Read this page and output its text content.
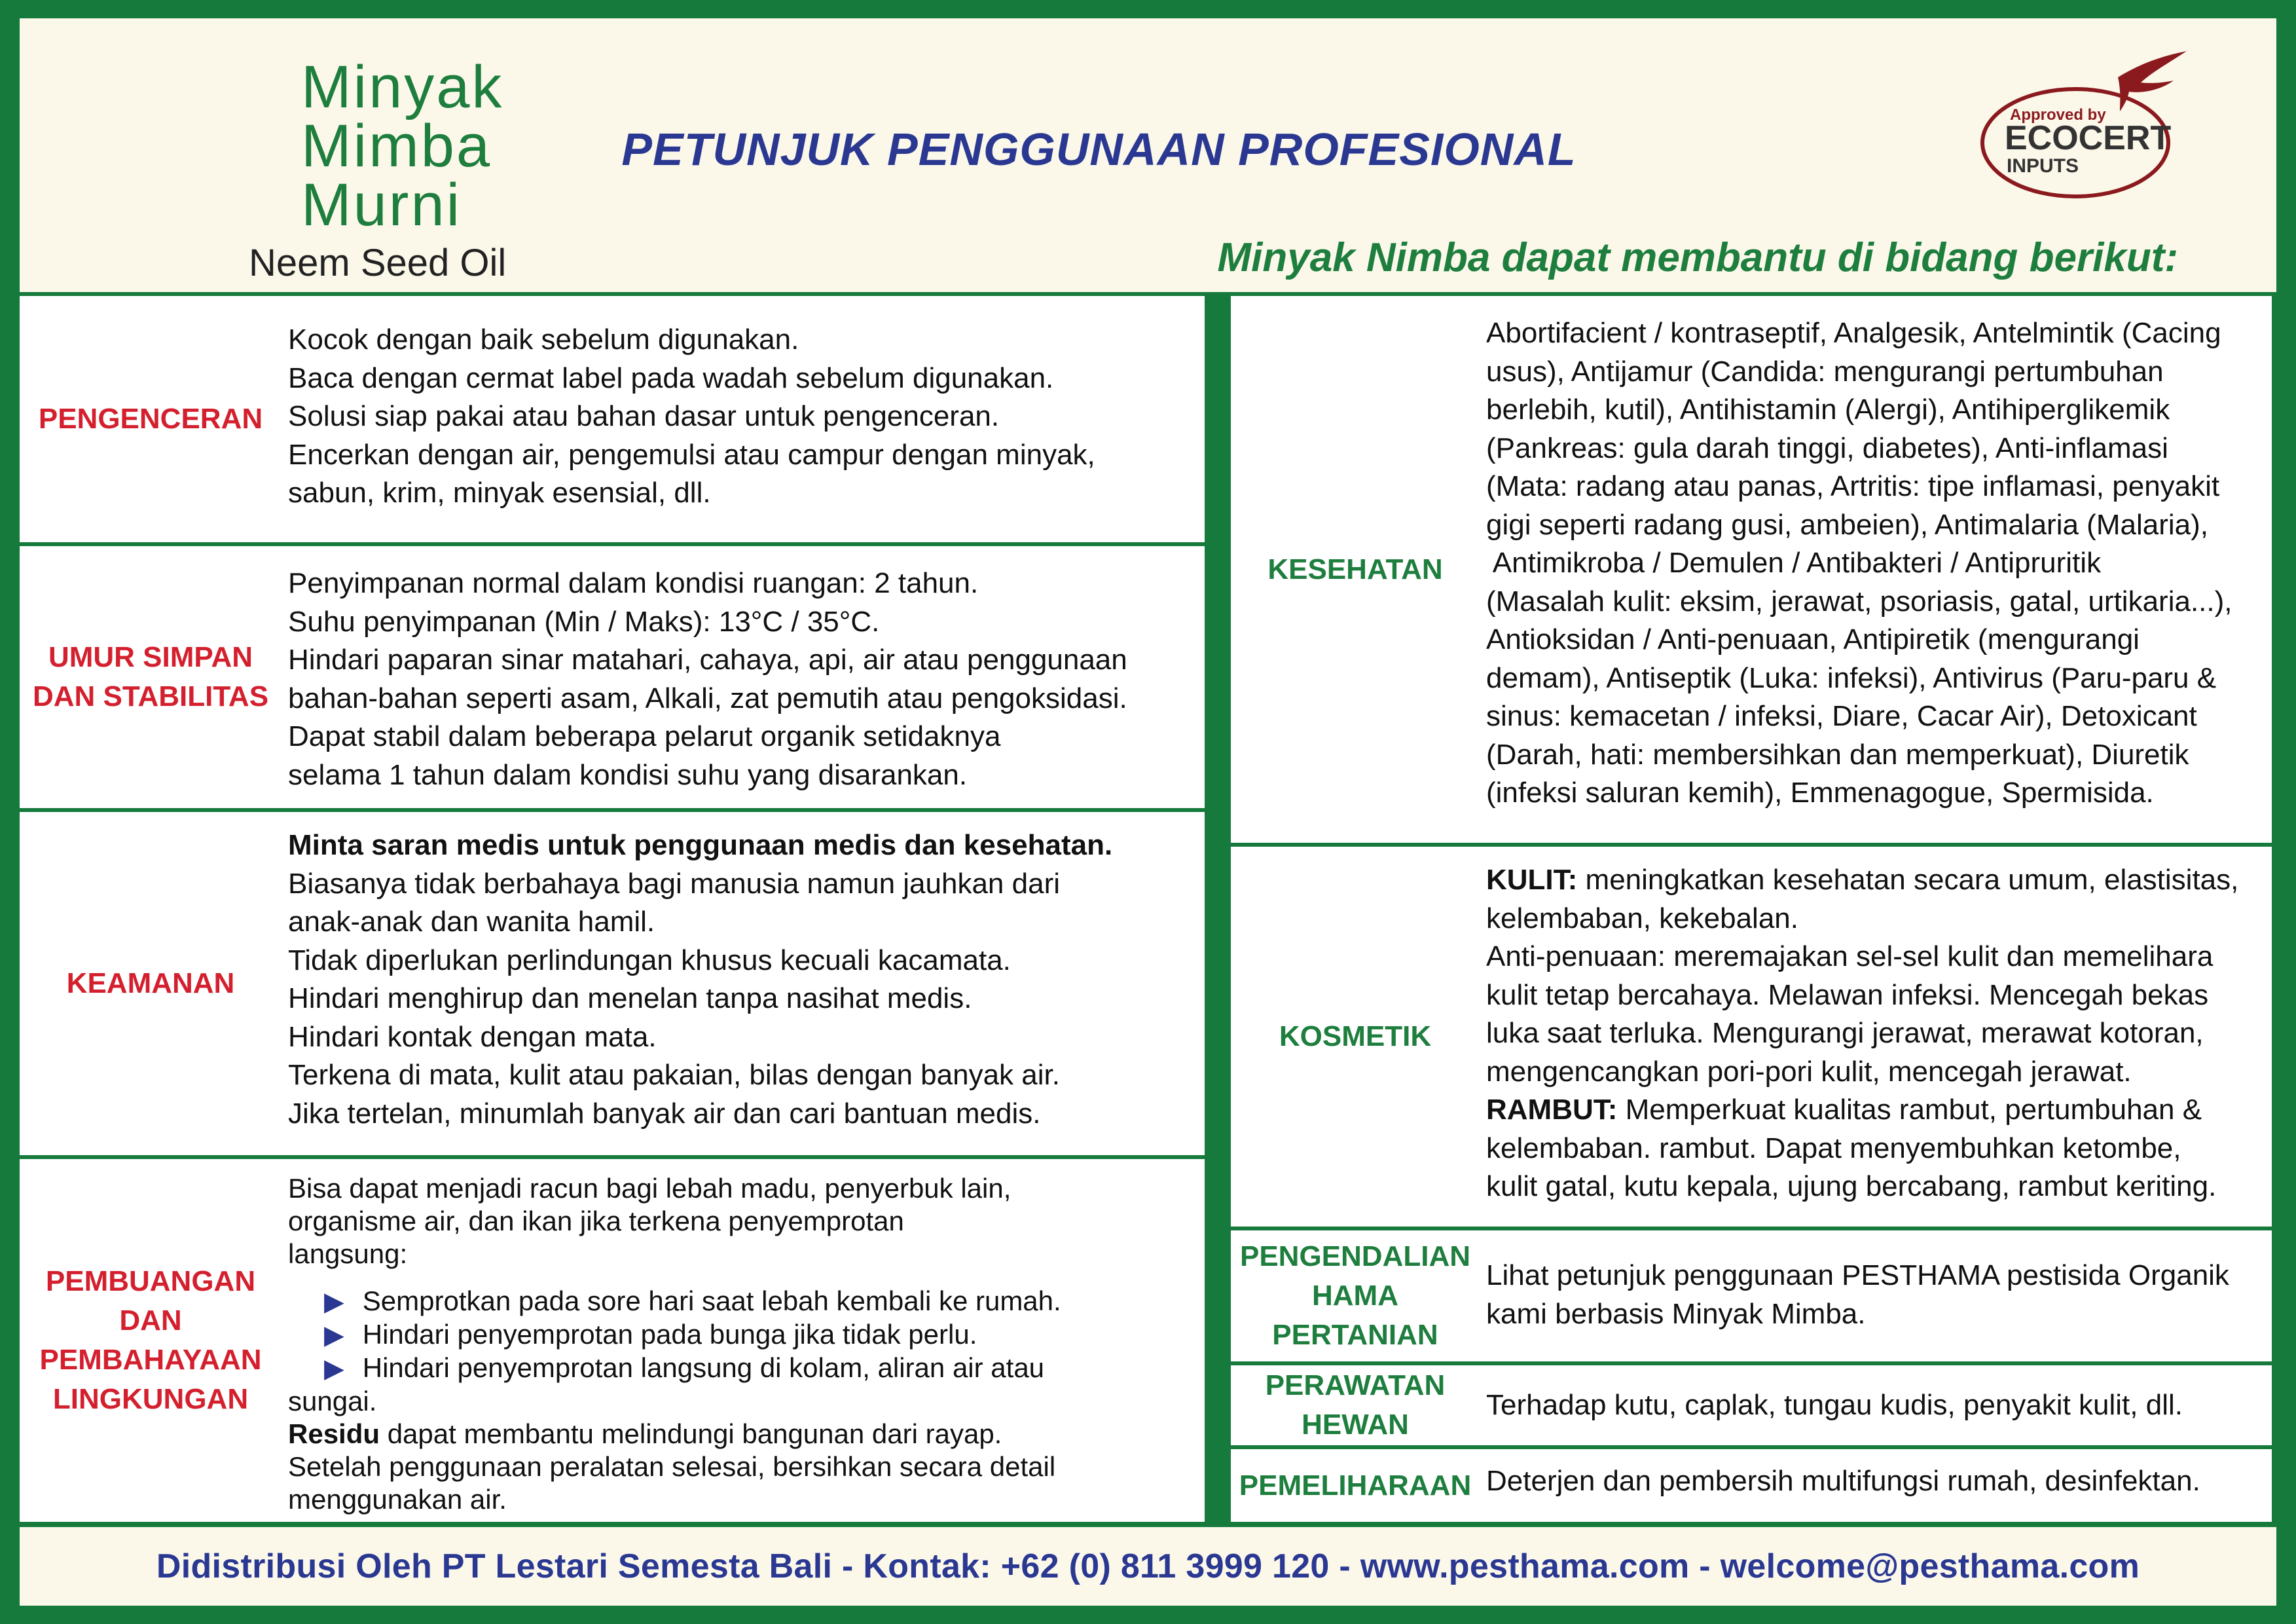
Minyak
Mimba
Murni
Neem Seed Oil
PETUNJUK PENGGUNAAN PROFESIONAL
Minyak Nimba dapat membantu di bidang berikut:
Approved by
ECOCERT
INPUTS
PENGENCERAN

Kocok dengan baik sebelum digunakan.

Baca dengan cermat label pada wadah sebelum digunakan.

Solusi siap pakai atau bahan dasar untuk pengenceran.

Encerkan dengan air, pengemulsi atau campur dengan minyak,

sabun, krim, minyak esensial, dll.

UMUR SIMPAN DAN STABILITAS

Penyimpanan normal dalam kondisi ruangan: 2 tahun.

Suhu penyimpanan (Min / Maks): 13°C / 35°C.

Hindari paparan sinar matahari, cahaya, api, air atau penggunaan

bahan-bahan seperti asam, Alkali, zat pemutih atau pengoksidasi.

Dapat stabil dalam beberapa pelarut organik setidaknya

selama 1 tahun dalam kondisi suhu yang disarankan.

KEAMANAN

Minta saran medis untuk penggunaan medis dan kesehatan.

Biasanya tidak berbahaya bagi manusia namun jauhkan dari

anak-anak dan wanita hamil.

Tidak diperlukan perlindungan khusus kecuali kacamata.

Hindari menghirup dan menelan tanpa nasihat medis.

Hindari kontak dengan mata.

Terkena di mata, kulit atau pakaian, bilas dengan banyak air.

Jika tertelan, minumlah banyak air dan cari bantuan medis.

PEMBUANGAN DAN PEMBAHAYAAN LINGKUNGAN

Bisa dapat menjadi racun bagi lebah madu, penyerbuk lain,

organisme air, dan ikan jika terkena penyemprotan

langsung:

▶ Semprotkan pada sore hari saat lebah kembali ke rumah.

▶ Hindari penyemprotan pada bunga jika tidak perlu.

▶ Hindari penyemprotan langsung di kolam, aliran air atau

sungai.

Residu dapat membantu melindungi bangunan dari rayap.

Setelah penggunaan peralatan selesai, bersihkan secara detail

menggunakan air.

KESEHATAN

Abortifacient / kontraseptif, Analgesik, Antelmintik (Cacing

usus), Antijamur (Candida: mengurangi pertumbuhan

berlebih, kutil), Antihistamin (Alergi), Antihiperglikemik

(Pankreas: gula darah tinggi, diabetes), Anti-inflamasi

(Mata: radang atau panas, Artritis: tipe inflamasi, penyakit

gigi seperti radang gusi, ambeien), Antimalaria (Malaria),

Antimikroba / Demulen / Antibakteri / Antipruritik

(Masalah kulit: eksim, jerawat, psoriasis, gatal, urtikaria...),

Antioksidan / Anti-penuaan, Antipiretik (mengurangi

demam), Antiseptik (Luka: infeksi), Antivirus (Paru-paru &

sinus: kemacetan / infeksi, Diare, Cacar Air), Detoxicant

(Darah, hati: membersihkan dan memperkuat), Diuretik

(infeksi saluran kemih), Emmenagogue, Spermisida.

KOSMETIK

KULIT: meningkatkan kesehatan secara umum, elastisitas,

kelembaban, kekebalan.

Anti-penuaan: meremajakan sel-sel kulit dan memelihara

kulit tetap bercahaya. Melawan infeksi. Mencegah bekas

luka saat terluka. Mengurangi jerawat, merawat kotoran,

mengencangkan pori-pori kulit, mencegah jerawat.

RAMBUT: Memperkuat kualitas rambut, pertumbuhan &

kelembaban. rambut. Dapat menyembuhkan ketombe,

kulit gatal, kutu kepala, ujung bercabang, rambut keriting.

PENGENDALIAN HAMA PERTANIAN

Lihat petunjuk penggunaan PESTHAMA pestisida Organik

kami berbasis Minyak Mimba.

PERAWATAN HEWAN

Terhadap kutu, caplak, tungau kudis, penyakit kulit, dll.

PEMELIHARAAN Deterjen dan pembersih multifungsi rumah, desinfektan.

Didistribusi Oleh PT Lestari Semesta Bali - Kontak: +62 (0) 811 3999 120 - www.pesthama.com - welcome@pesthama.com
